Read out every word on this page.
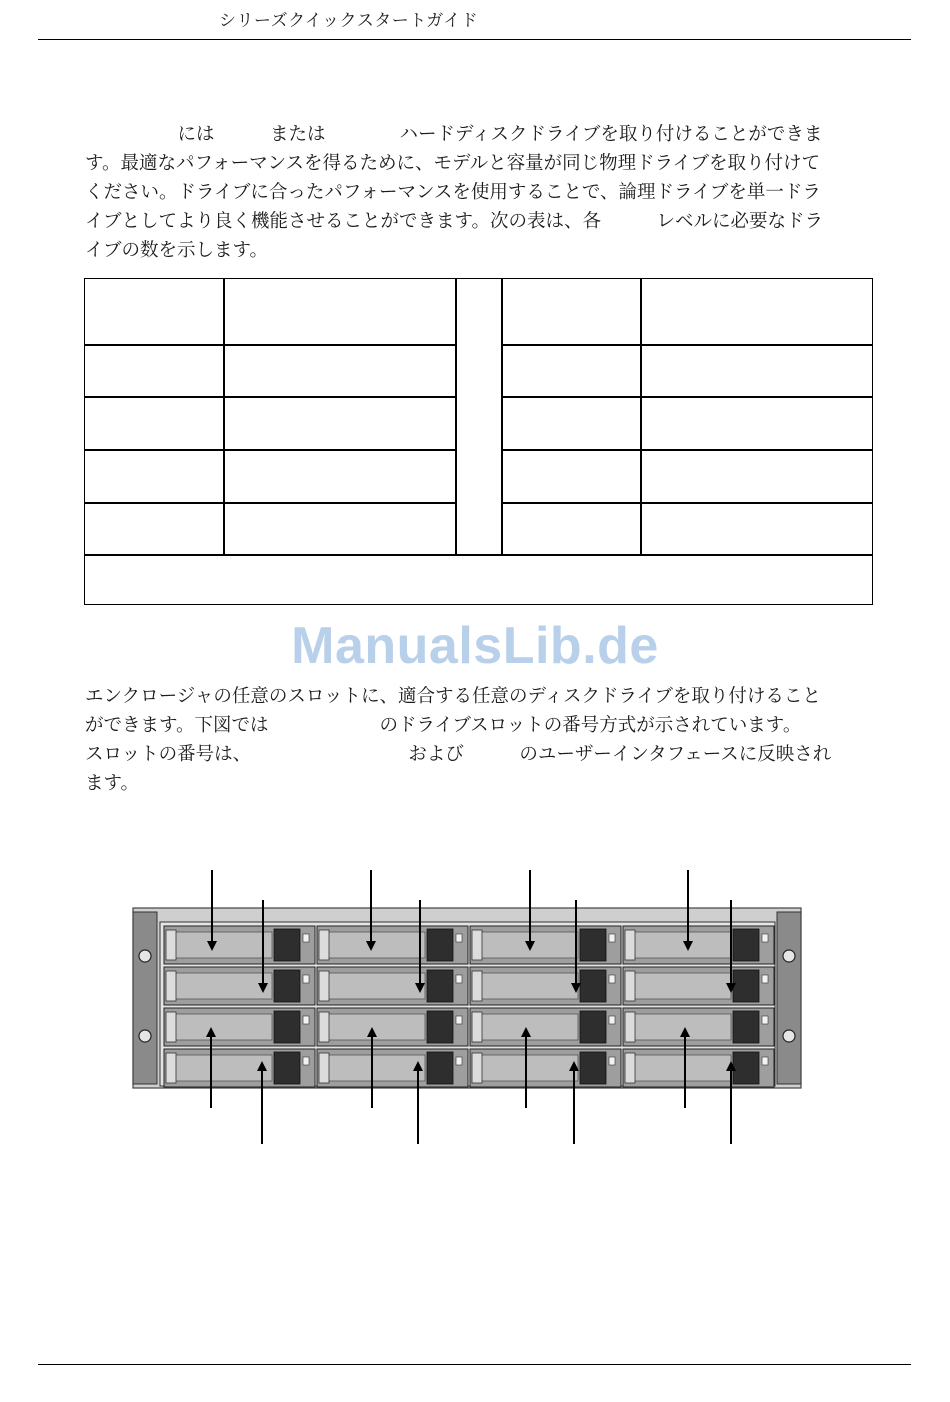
シリーズクイックスタートガイド
　　　　　には　　　または　　　　ハードディスクドライブを取り付けることができま
す。最適なパフォーマンスを得るために、モデルと容量が同じ物理ドライブを取り付けて
ください。ドライブに合ったパフォーマンスを使用することで、論理ドライブを単一ドラ
イブとしてより良く機能させることができます。次の表は、各　　　レベルに必要なドラ
イブの数を示します。
ManualsLib.de
エンクロージャの任意のスロットに、適合する任意のディスクドライブを取り付けること
ができます。下図では　　　　　　のドライブスロットの番号方式が示されています。
スロットの番号は、　　　　　　　　　および　　　のユーザーインタフェースに反映され
ます。
